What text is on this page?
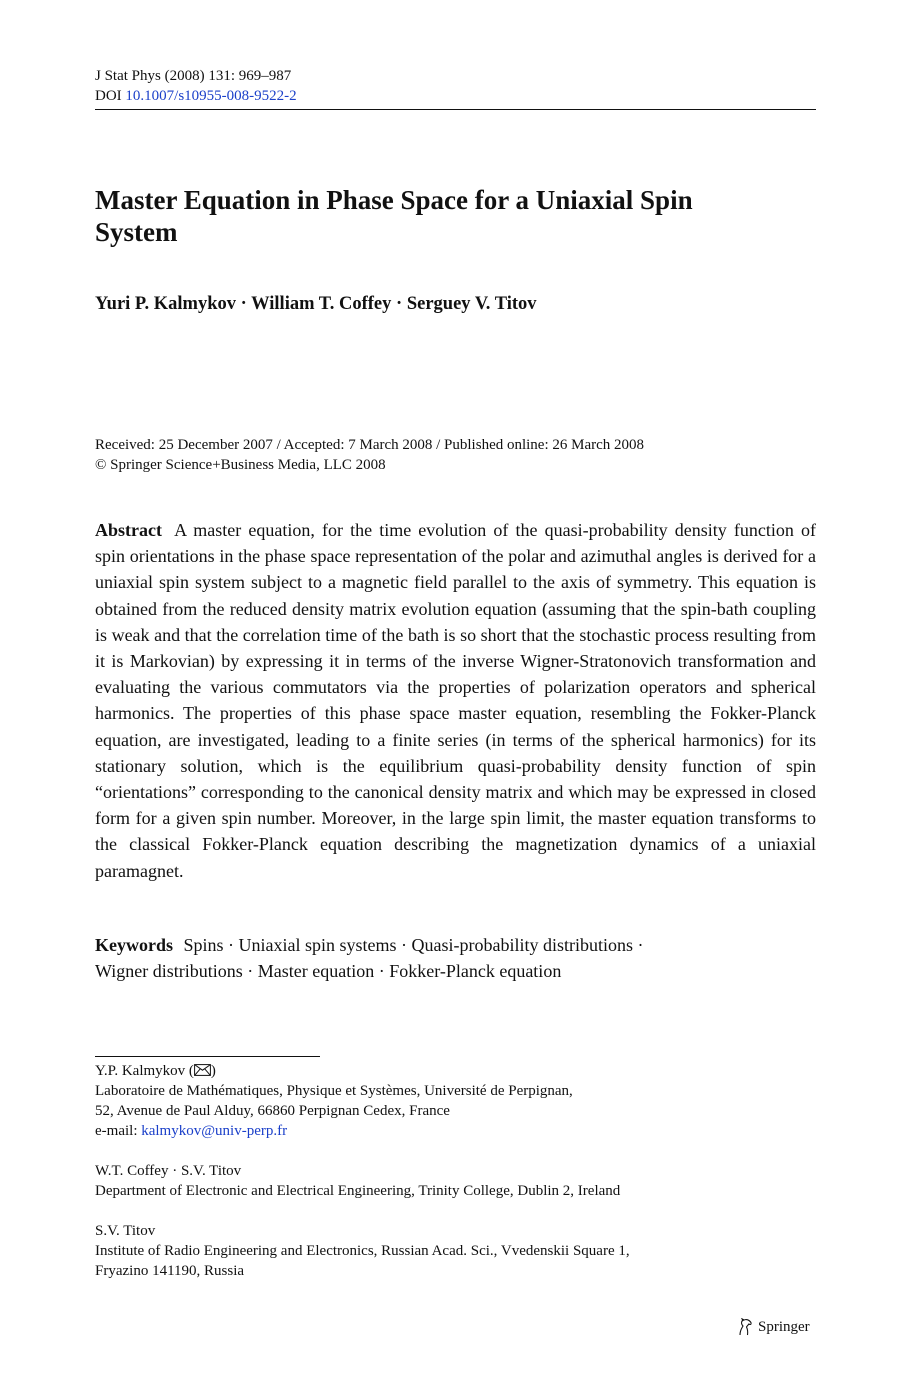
J Stat Phys (2008) 131: 969–987
DOI 10.1007/s10955-008-9522-2
Master Equation in Phase Space for a Uniaxial Spin System
Yuri P. Kalmykov · William T. Coffey · Serguey V. Titov
Received: 25 December 2007 / Accepted: 7 March 2008 / Published online: 26 March 2008
© Springer Science+Business Media, LLC 2008

Abstract A master equation, for the time evolution of the quasi-probability density function of spin orientations in the phase space representation of the polar and azimuthal angles is derived for a uniaxial spin system subject to a magnetic field parallel to the axis of symmetry. This equation is obtained from the reduced density matrix evolution equation (assuming that the spin-bath coupling is weak and that the correlation time of the bath is so short that the stochastic process resulting from it is Markovian) by expressing it in terms of the inverse Wigner-Stratonovich transformation and evaluating the various commutators via the properties of polarization operators and spherical harmonics. The properties of this phase space master equation, resembling the Fokker-Planck equation, are investigated, leading to a finite series (in terms of the spherical harmonics) for its stationary solution, which is the equilibrium quasi-probability density function of spin “orientations” corresponding to the canonical density matrix and which may be expressed in closed form for a given spin number. Moreover, in the large spin limit, the master equation transforms to the classical Fokker-Planck equation describing the magnetization dynamics of a uniaxial paramagnet.

Keywords Spins · Uniaxial spin systems · Quasi-probability distributions ·
Wigner distributions · Master equation · Fokker-Planck equation

Y.P. Kalmykov ( )
Laboratoire de Mathématiques, Physique et Systèmes, Université de Perpignan,
52, Avenue de Paul Alduy, 66860 Perpignan Cedex, France
e-mail: kalmykov@univ-perp.fr
W.T. Coffey · S.V. Titov
Department of Electronic and Electrical Engineering, Trinity College, Dublin 2, Ireland
S.V. Titov
Institute of Radio Engineering and Electronics, Russian Acad. Sci., Vvedenskii Square 1,
Fryazino 141190, Russia
Springer
